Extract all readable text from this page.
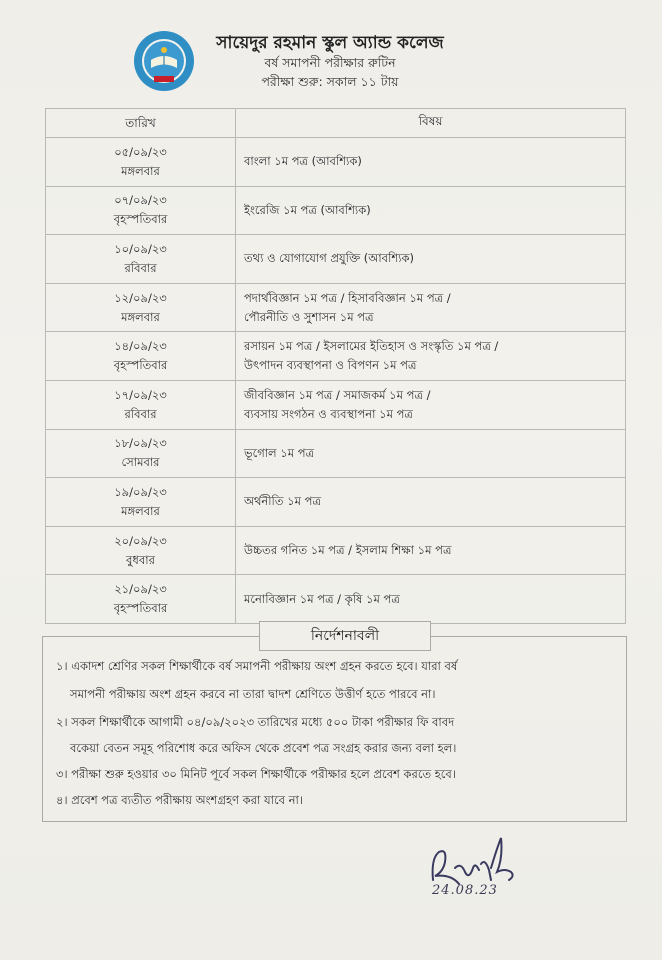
সায়েদুর রহমান স্কুল অ্যান্ড কলেজ
বর্ষ সমাপনী পরীক্ষার রুটিন
পরীক্ষা শুরু: সকাল ১১ টায়
তারিখ	বিষয়

০৫/০৯/২৩
মঙ্গলবার	বাংলা ১ম পত্র (আবশ্যিক)

০৭/০৯/২৩
বৃহস্পতিবার	ইংরেজি ১ম পত্র (আবশ্যিক)

১০/০৯/২৩
রবিবার	তথ্য ও যোগাযোগ প্রযুক্তি (আবশ্যিক)

১২/০৯/২৩
মঙ্গলবার	পদার্থবিজ্ঞান ১ম পত্র / হিসাববিজ্ঞান ১ম পত্র /
পৌরনীতি ও সুশাসন ১ম পত্র

১৪/০৯/২৩
বৃহস্পতিবার	রসায়ন ১ম পত্র / ইসলামের ইতিহাস ও সংস্কৃতি ১ম পত্র /
উৎপাদন ব্যবস্থাপনা ও বিপণন ১ম পত্র

১৭/০৯/২৩
রবিবার	জীববিজ্ঞান ১ম পত্র / সমাজকর্ম ১ম পত্র /
ব্যবসায় সংগঠন ও ব্যবস্থাপনা ১ম পত্র

১৮/০৯/২৩
সোমবার	ভূগোল ১ম পত্র

১৯/০৯/২৩
মঙ্গলবার	অর্থনীতি ১ম পত্র

২০/০৯/২৩
বুধবার	উচ্চতর গনিত ১ম পত্র / ইসলাম শিক্ষা ১ম পত্র

২১/০৯/২৩
বৃহস্পতিবার	মনোবিজ্ঞান ১ম পত্র / কৃষি ১ম পত্র
নির্দেশনাবলী
১। একাদশ শ্রেণির সকল শিক্ষার্থীকে বর্ষ সমাপনী পরীক্ষায় অংশ গ্রহন করতে হবে। যারা বর্ষ
সমাপনী পরীক্ষায় অংশ গ্রহন করবে না তারা দ্বাদশ শ্রেণিতে উত্তীর্ণ হতে পারবে না।
২। সকল শিক্ষার্থীকে আগামী ০৪/০৯/২০২৩ তারিখের মধ্যে ৫০০ টাকা পরীক্ষার ফি বাবদ
বকেয়া বেতন সমূহ পরিশোধ করে অফিস থেকে প্রবেশ পত্র সংগ্রহ করার জন্য বলা হল।
৩। পরীক্ষা শুরু হওয়ার ৩০ মিনিট পূর্বে সকল শিক্ষার্থীকে পরীক্ষার হলে প্রবেশ করতে হবে।
৪। প্রবেশ পত্র ব্যতীত পরীক্ষায় অংশগ্রহণ করা যাবে না।
24.08.23
